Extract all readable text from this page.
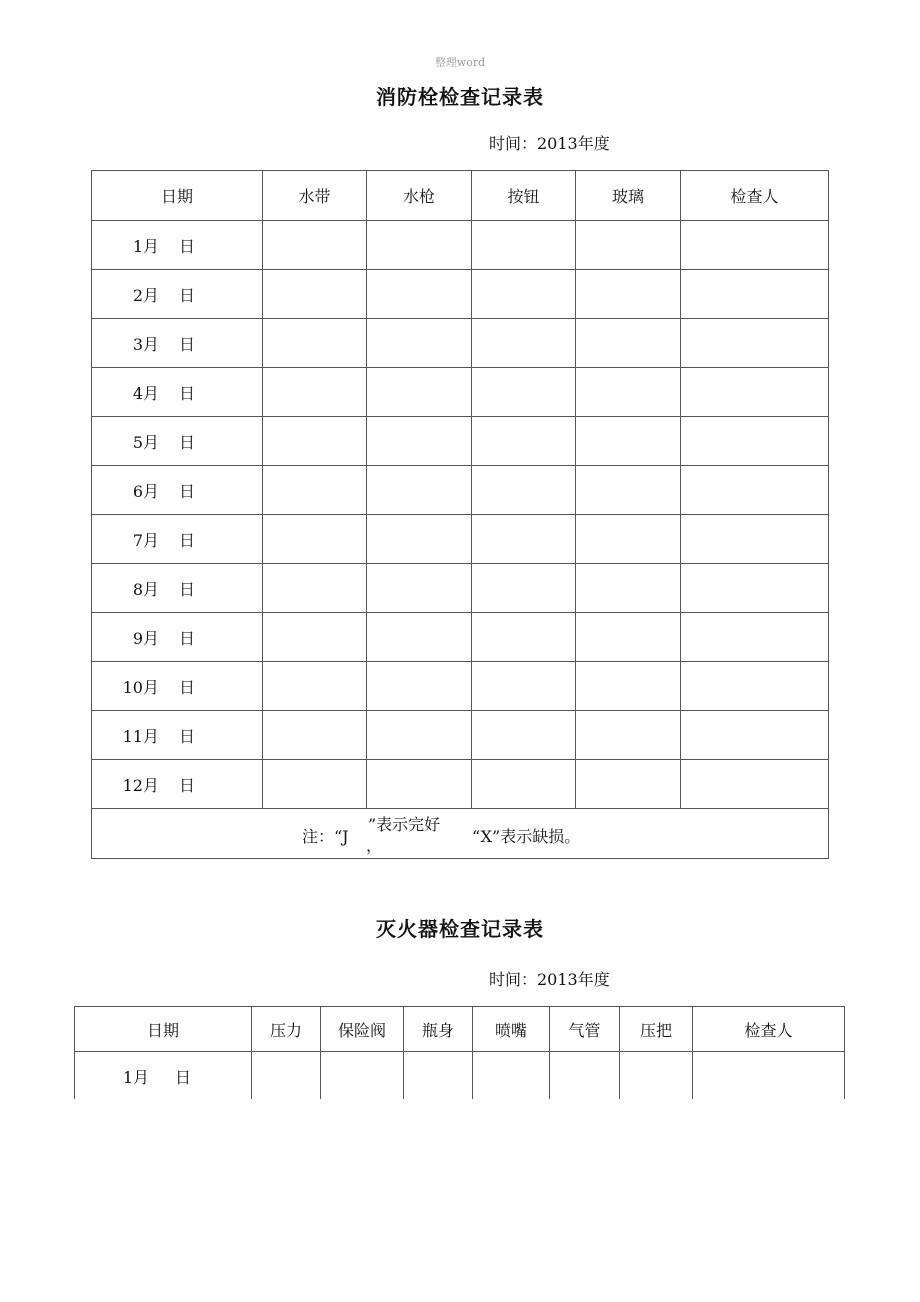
整理word
消防栓检查记录表
时间：2013年度
日期	水带	水枪	按钮	玻璃	检查人
1月 日					
2月 日					
3月 日					
4月 日					
5月 日					
6月 日					
7月 日					
8月 日					
9月 日					
10月 日					
11月 日					
12月 日					

注：“J
”表示完好
， “X”表示缺损。					
灭火器检查记录表
时间：2013年度
日期	压力	保险阀	瓶身	喷嘴	气管	压把	检查人
1月 日							
